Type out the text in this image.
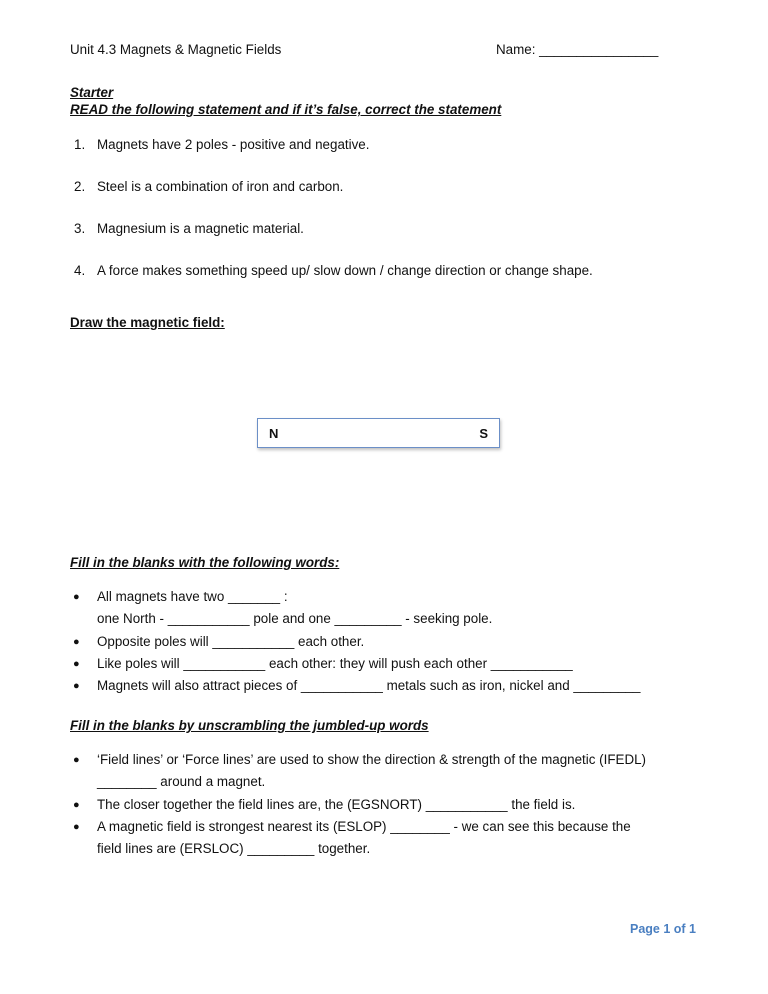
Unit 4.3 Magnets & Magnetic Fields	Name: ________________
Starter
READ the following statement and if it’s false, correct the statement
1. Magnets have 2 poles - positive and negative.
2. Steel is a combination of iron and carbon.
3. Magnesium is a magnetic material.
4. A force makes something speed up/ slow down / change direction or change shape.
Draw the magnetic field:
N	S
Fill in the blanks with the following words:
●	All magnets have two _______ :
one North - ___________ pole and one _________ - seeking pole.
●	Opposite poles will ___________ each other.
●	Like poles will ___________ each other: they will push each other ___________
●	Magnets will also attract pieces of ___________ metals such as iron, nickel and _________
Fill in the blanks by unscrambling the jumbled-up words
●	‘Field lines’ or ‘Force lines’ are used to show the direction & strength of the magnetic (IFEDL)
________ around a magnet.
●	The closer together the field lines are, the (EGSNORT) ___________ the field is.
●	A magnetic field is strongest nearest its (ESLOP) ________ - we can see this because the
field lines are (ERSLOC) _________ together.
Page 1 of 1
